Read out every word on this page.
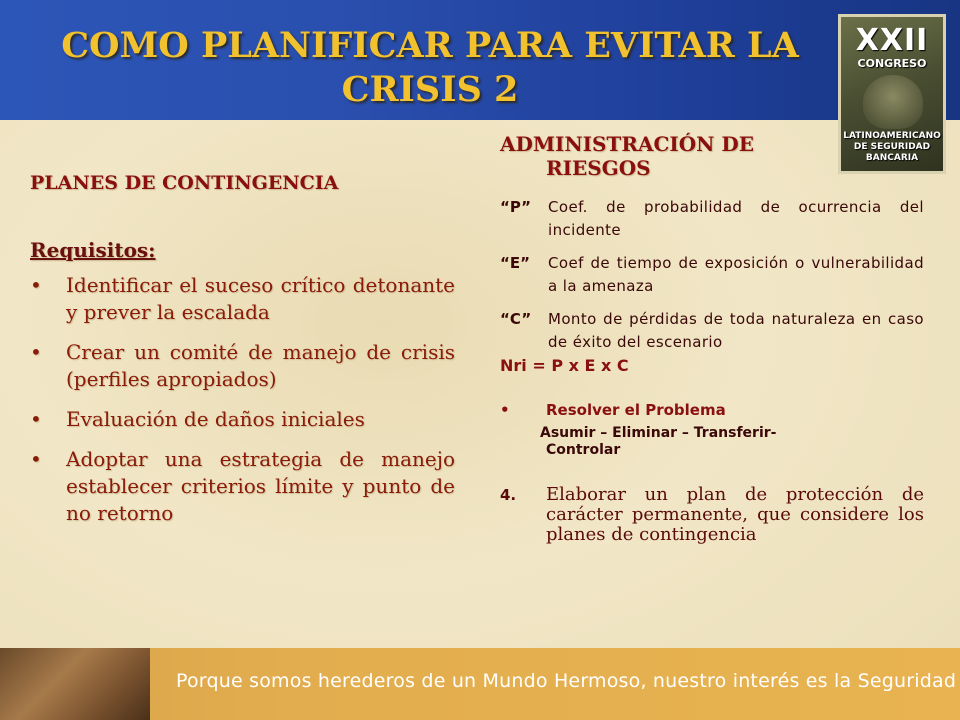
COMO PLANIFICAR PARA EVITAR LA CRISIS 2
XXII
CONGRESO
LATINOAMERICANO DE SEGURIDAD BANCARIA
PLANES DE CONTINGENCIA
Requisitos:
•	Identificar el suceso crítico detonante y prever la escalada
•	Crear un comité de manejo de crisis (perfiles apropiados)
•	Evaluación de daños iniciales
•	Adoptar una estrategia de manejo establecer criterios límite y punto de no retorno
ADMINISTRACIÓN DE
RIESGOS
“P”	Coef. de probabilidad de ocurrencia del incidente
“E”	Coef de tiempo de exposición o vulnerabilidad a la amenaza
“C”	Monto de pérdidas de toda naturaleza en caso de éxito del escenario
Nri = P x E x C
•	Resolver el Problema
Asumir – Eliminar – Transferir-
Controlar
4.	Elaborar un plan de protección de carácter permanente, que considere los planes de contingencia
Porque somos herederos de un Mundo Hermoso, nuestro interés es la Seguridad
